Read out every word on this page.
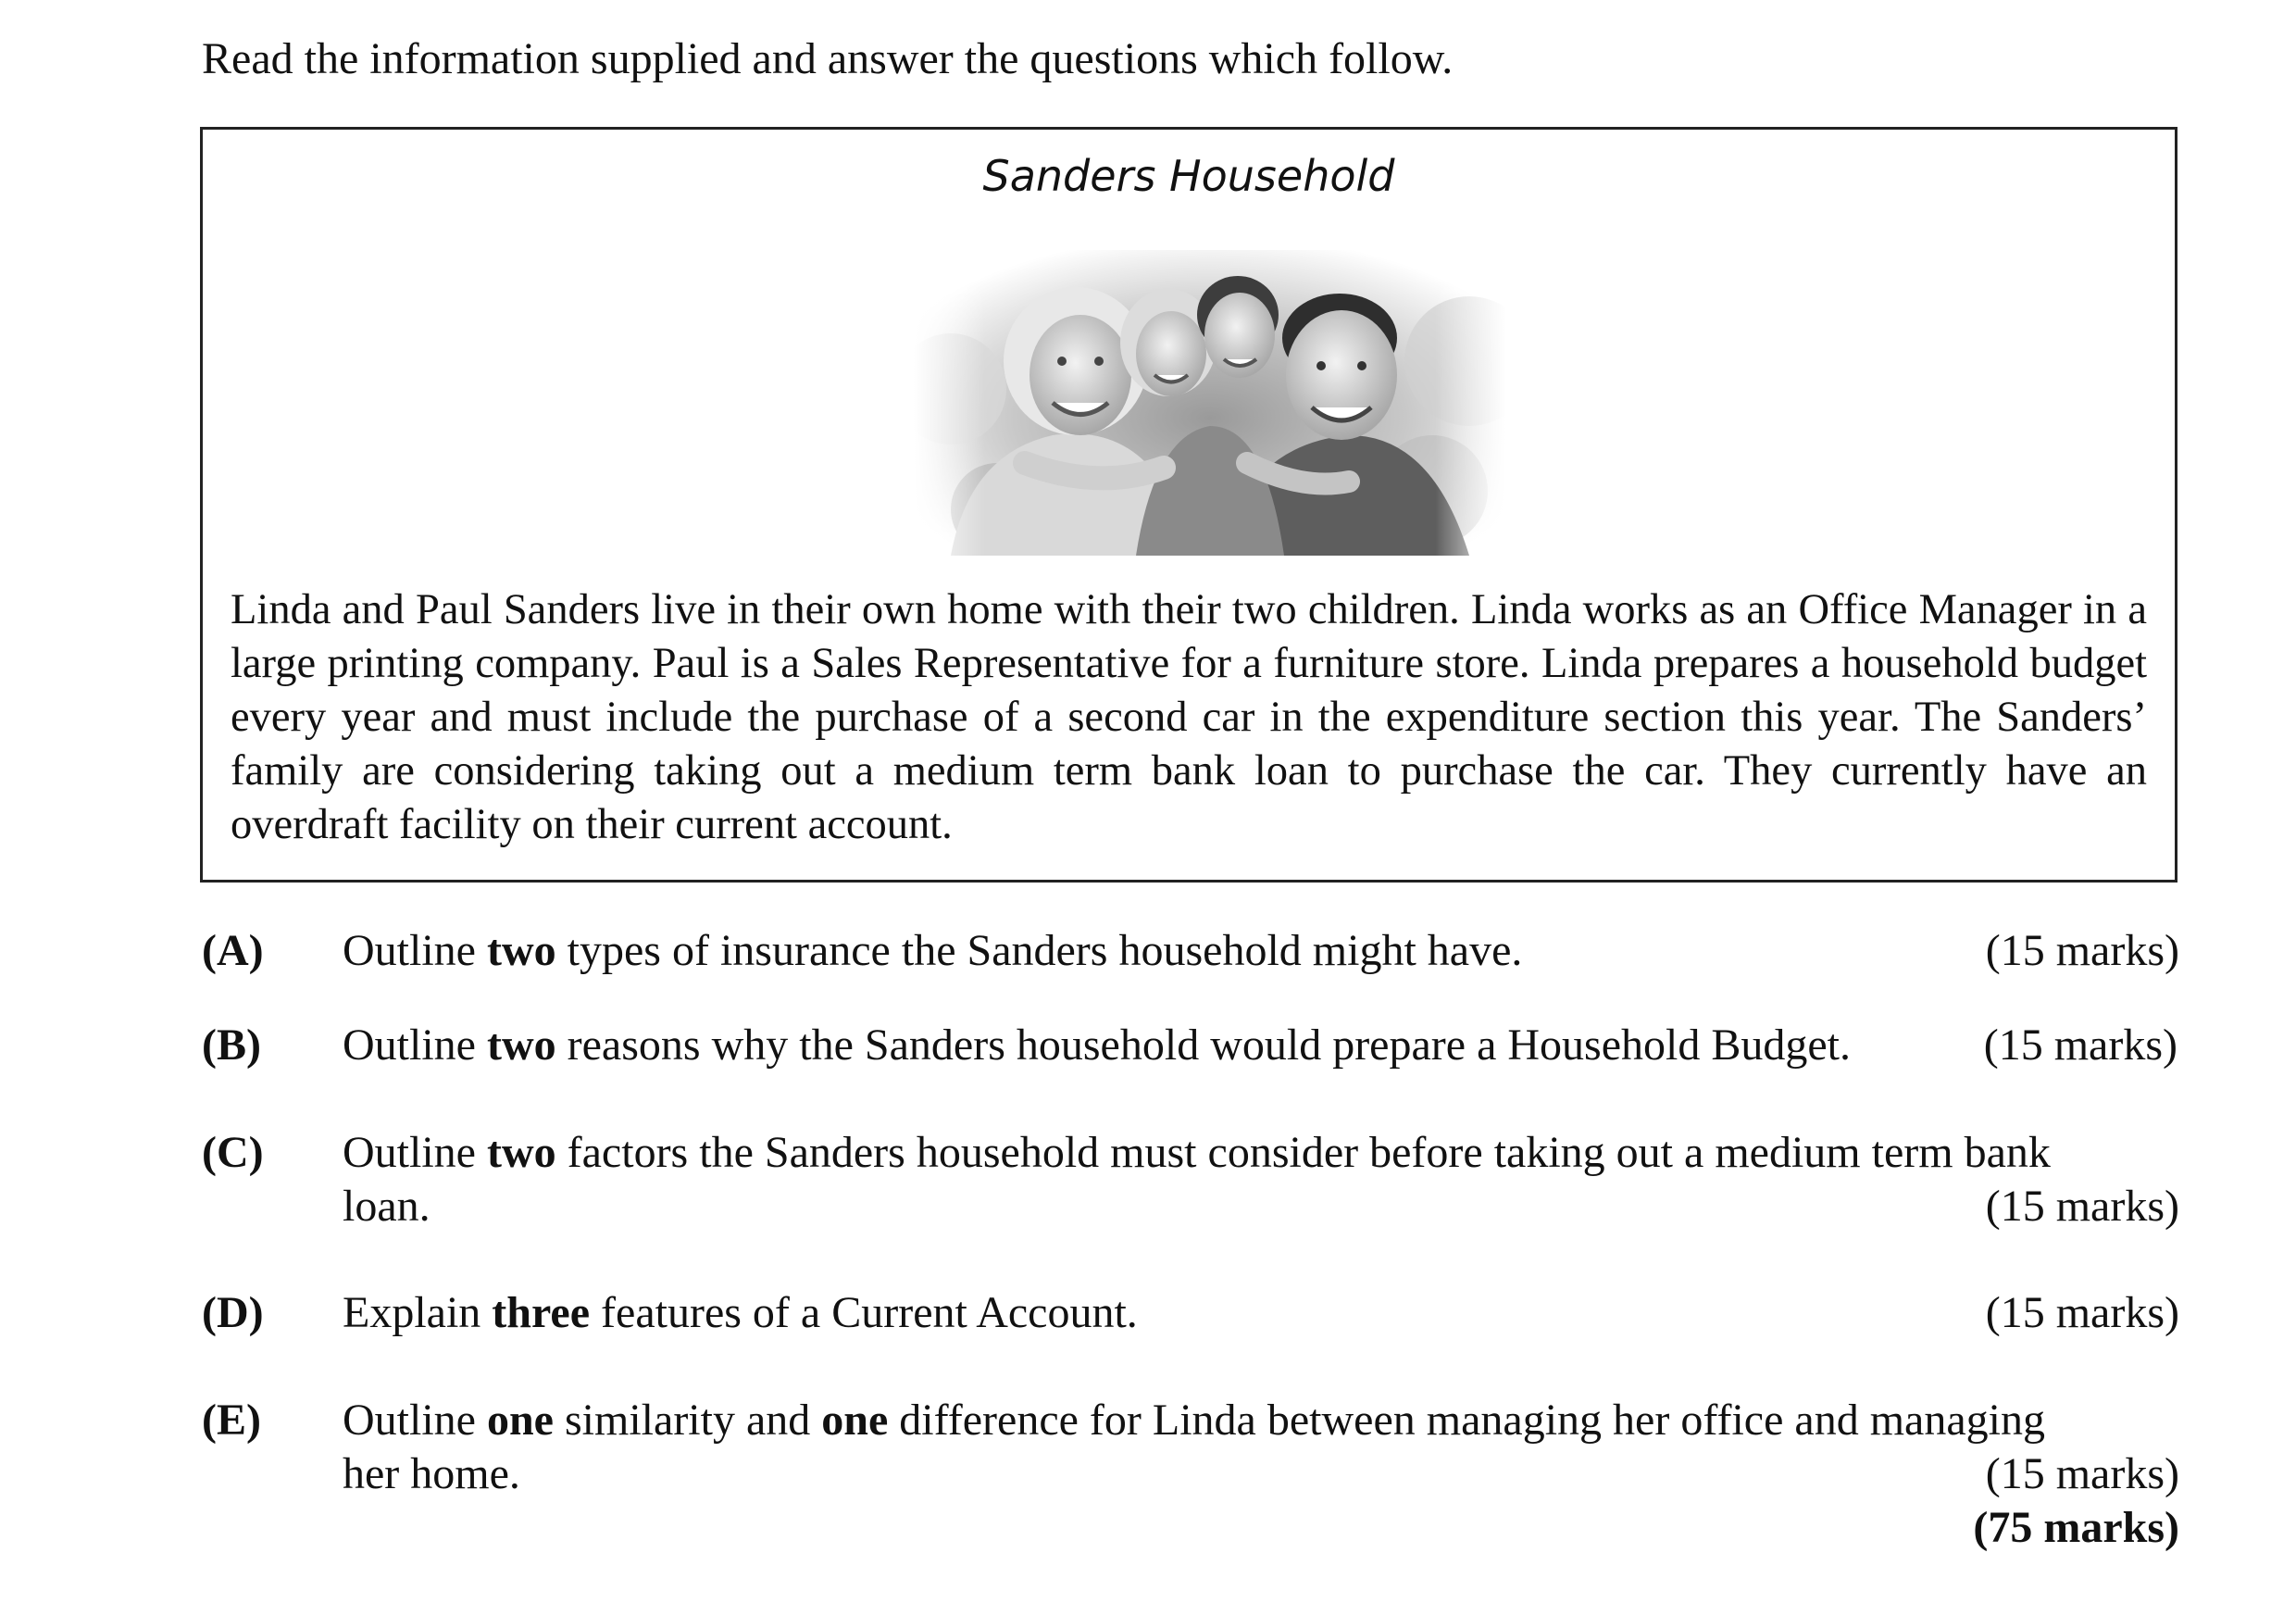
Read the information supplied and answer the questions which follow.
Sanders Household
Linda and Paul Sanders live in their own home with their two children. Linda works as an Office Manager in a large printing company. Paul is a Sales Representative for a furniture store. Linda prepares a household budget every year and must include the purchase of a second car in the expenditure section this year. The Sanders’ family are considering taking out a medium term bank loan to purchase the car. They currently have an overdraft facility on their current account.
(A) Outline two types of insurance the Sanders household might have.	(15 marks)
(B) Outline two reasons why the Sanders household would prepare a Household Budget.	(15 marks)
(C) Outline two factors the Sanders household must consider before taking out a medium term bank
loan.	(15 marks)
(D) Explain three features of a Current Account.	(15 marks)
(E) Outline one similarity and one difference for Linda between managing her office and managing
her home.	(15 marks)
(75 marks)
